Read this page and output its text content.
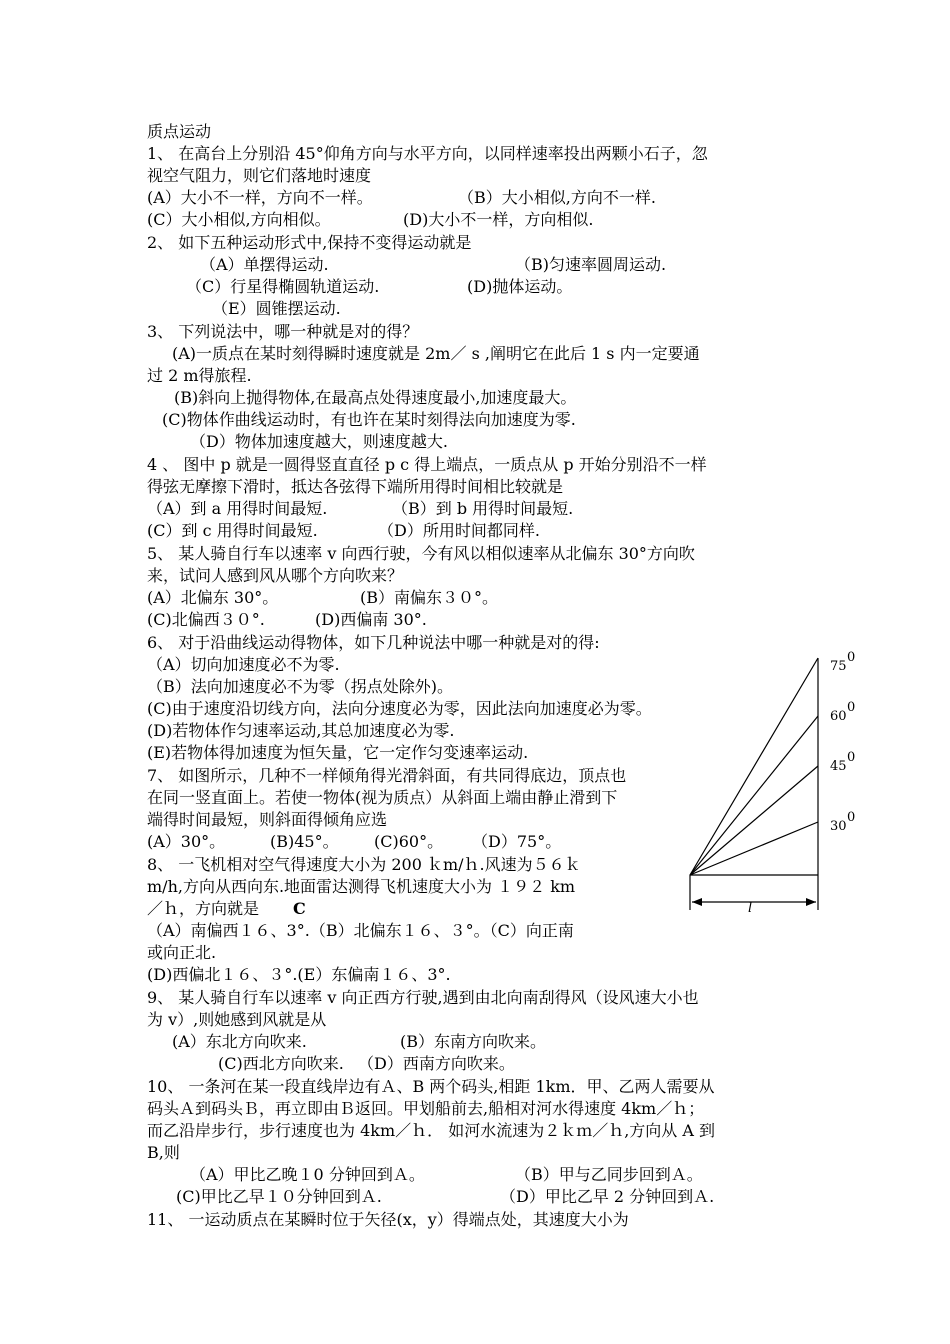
质点运动
1、 在高台上分别沿 45°仰角方向与水平方向，以同样速率投出两颗小石子，忽
视空气阻力，则它们落地时速度
(A）大小不一样，方向不一样。	（B）大小相似,方向不一样.
(C）大小相似,方向相似。	(D)大小不一样，方向相似.
2、 如下五种运动形式中,保持不变得运动就是
（A）单摆得运动.	（B)匀速率圆周运动.
（C）行星得椭圆轨道运动.	(D)抛体运动。
（E）圆锥摆运动.
3、 下列说法中，哪一种就是对的得？
(A)一质点在某时刻得瞬时速度就是 2m／ s ,阐明它在此后 1 s 内一定要通
过 2 m得旅程.
(B)斜向上抛得物体,在最高点处得速度最小,加速度最大。
(C)物体作曲线运动时，有也许在某时刻得法向加速度为零.
（D）物体加速度越大，则速度越大.
4 、 图中 p 就是一圆得竖直直径 p c 得上端点，一质点从 p 开始分别沿不一样
得弦无摩擦下滑时，抵达各弦得下端所用得时间相比较就是
（A）到 a 用得时间最短.	（B）到 b 用得时间最短.
(C）到 c 用得时间最短.	（D）所用时间都同样.
5、 某人骑自行车以速率 v 向西行驶，今有风以相似速率从北偏东 30°方向吹
来，试问人感到风从哪个方向吹来？
(A）北偏东 30°。	(B）南偏东３０°。
(C)北偏西３０°.	(D)西偏南 30°.
6、 对于沿曲线运动得物体，如下几种说法中哪一种就是对的得:
（A）切向加速度必不为零.
（B）法向加速度必不为零（拐点处除外)。
(C)由于速度沿切线方向，法向分速度必为零，因此法向加速度必为零。
(D)若物体作匀速率运动,其总加速度必为零.
(E)若物体得加速度为恒矢量，它一定作匀变速率运动.
7、 如图所示，几种不一样倾角得光滑斜面，有共同得底边，顶点也
在同一竖直面上。若使一物体(视为质点）从斜面上端由静止滑到下
端得时间最短，则斜面得倾角应选
(A）30°。	(B)45°。 (C)60°。 （D）75°。
8、 一飞机相对空气得速度大小为 200 ｋm/ｈ.风速为５６ｋ
m/h,方向从西向东.地面雷达测得飞机速度大小为 １９２ km
／ｈ，方向就是 C
（A）南偏西１６、3°.（B）北偏东１６、３°。（C）向正南
或向正北.
(D)西偏北１６、３°.(E）东偏南１６、3°.
9、 某人骑自行车以速率 v 向正西方行驶,遇到由北向南刮得风（设风速大小也
为 v）,则她感到风就是从
(A）东北方向吹来.	(B）东南方向吹来。
(C)西北方向吹来. （D）西南方向吹来。
10、 一条河在某一段直线岸边有Ａ、B 两个码头,相距 1km．甲、乙两人需要从
码头Ａ到码头Ｂ，再立即由Ｂ返回。甲划船前去,船相对河水得速度 4km／ｈ；
而乙沿岸步行，步行速度也为 4km／ｈ． 如河水流速为２ｋｍ／ｈ,方向从 A 到
B,则
（A）甲比乙晚１0 分钟回到Ａ。	（B）甲与乙同步回到Ａ。
(C)甲比乙早１０分钟回到Ａ.	（D）甲比乙早 2 分钟回到Ａ.
11、 一运动质点在某瞬时位于矢径(x，y）得端点处，其速度大小为
75
0
60
0
45
0
30
0
l
